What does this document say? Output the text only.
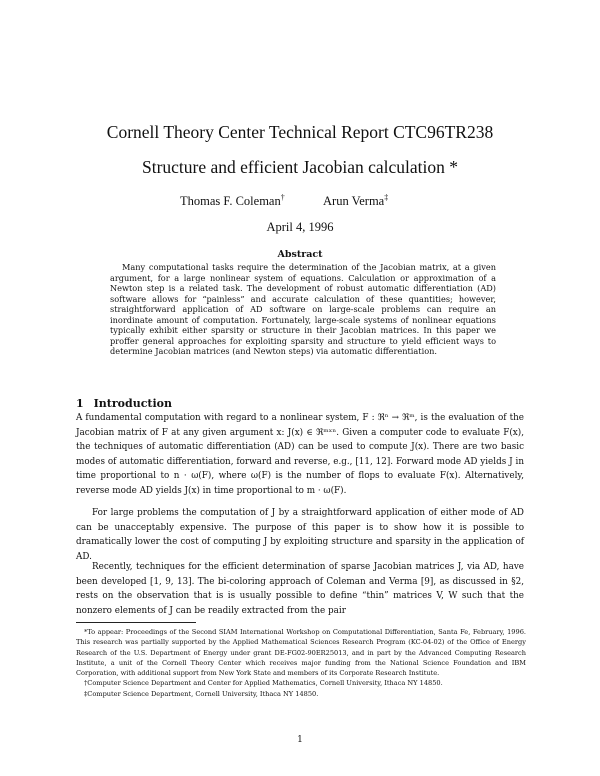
Cornell Theory Center Technical Report CTC96TR238
Structure and efficient Jacobian calculation *
Thomas F. Coleman†	Arun Verma‡
April 4, 1996
Abstract

Many computational tasks require the determination of the Jacobian matrix, at a given argument, for a large nonlinear system of equations. Calculation or approximation of a Newton step is a related task. The development of robust automatic differentiation (AD) software allows for “painless” and accurate calculation of these quantities; however, straightforward application of AD software on large-scale problems can require an inordinate amount of computation. Fortunately, large-scale systems of nonlinear equations typically exhibit either sparsity or structure in their Jacobian matrices. In this paper we proffer general approaches for exploiting sparsity and structure to yield efficient ways to determine Jacobian matrices (and Newton steps) via automatic differentiation.

1 Introduction

A fundamental computation with regard to a nonlinear system, F : ℜⁿ → ℜᵐ, is the evaluation of the Jacobian matrix of F at any given argument x: J(x) ∈ ℜᵐˣⁿ. Given a computer code to evaluate F(x), the techniques of automatic differentiation (AD) can be used to compute J(x). There are two basic modes of automatic differentiation, forward and reverse, e.g., [11, 12]. Forward mode AD yields J in time proportional to n · ω(F), where ω(F) is the number of flops to evaluate F(x). Alternatively, reverse mode AD yields J(x) in time proportional to m · ω(F).

For large problems the computation of J by a straightforward application of either mode of AD can be unacceptably expensive. The purpose of this paper is to show how it is possible to dramatically lower the cost of computing J by exploiting structure and sparsity in the application of AD.

Recently, techniques for the efficient determination of sparse Jacobian matrices J, via AD, have been developed [1, 9, 13]. The bi-coloring approach of Coleman and Verma [9], as discussed in §2, rests on the observation that is is usually possible to define “thin” matrices V, W such that the nonzero elements of J can be readily extracted from the pair

*To appear: Proceedings of the Second SIAM International Workshop on Computational Differentiation, Santa Fe, February, 1996. This research was partially supported by the Applied Mathematical Sciences Research Program (KC-04-02) of the Office of Energy Research of the U.S. Department of Energy under grant DE-FG02-90ER25013, and in part by the Advanced Computing Research Institute, a unit of the Cornell Theory Center which receives major funding from the National Science Foundation and IBM Corporation, with additional support from New York State and members of its Corporate Research Institute.

†Computer Science Department and Center for Applied Mathematics, Cornell University, Ithaca NY 14850.

‡Computer Science Department, Cornell University, Ithaca NY 14850.

1
